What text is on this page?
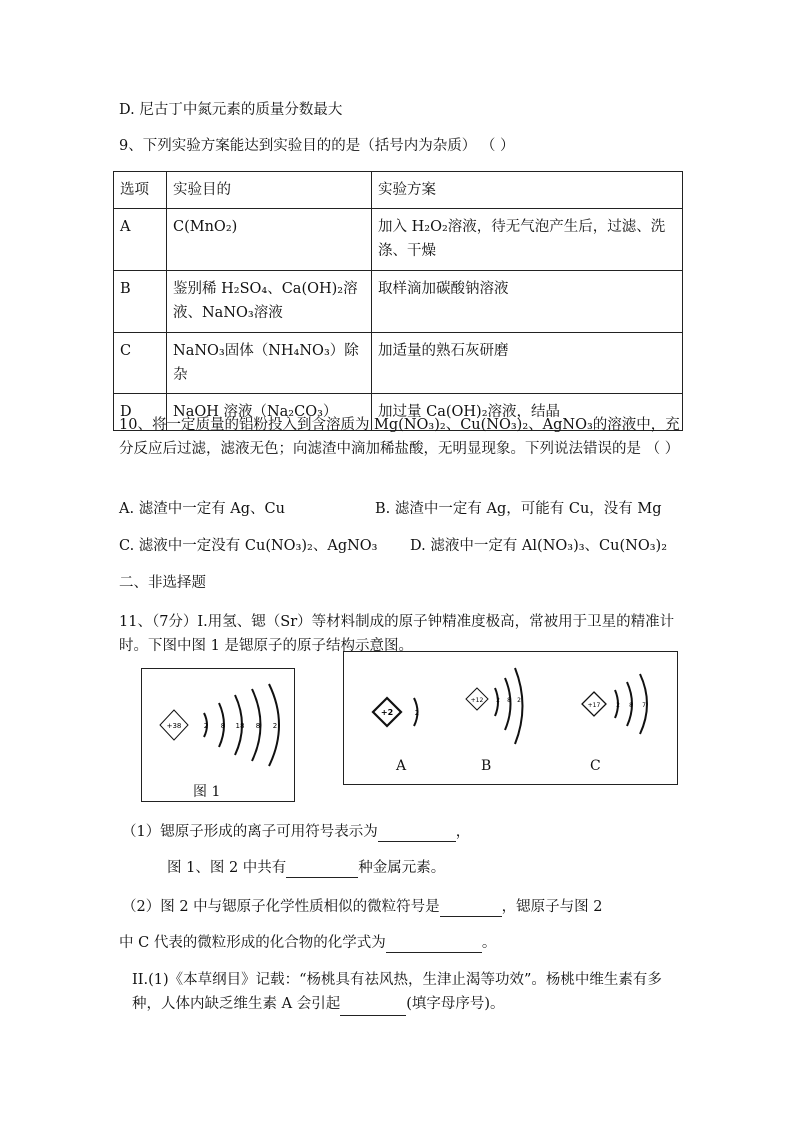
D. 尼古丁中氮元素的质量分数最大
9、下列实验方案能达到实验目的的是（括号内为杂质） （ ）
选项	实验目的	实验方案
A	C(MnO₂)	加入 H₂O₂溶液，待无气泡产生后，过滤、洗涤、干燥
B	鉴别稀 H₂SO₄、Ca(OH)₂溶液、NaNO₃溶液	取样滴加碳酸钠溶液
C	NaNO₃固体（NH₄NO₃）除杂	加适量的熟石灰研磨
D	NaOH 溶液（Na₂CO₃）	加过量 Ca(OH)₂溶液，结晶
10、将一定质量的铝粉投入到含溶质为 Mg(NO₃)₂、Cu(NO₃)₂、AgNO₃的溶液中，充分反应后过滤，滤液无色；向滤渣中滴加稀盐酸，无明显现象。下列说法错误的是 （ ）
A. 滤渣中一定有 Ag、Cu	B. 滤渣中一定有 Ag，可能有 Cu，没有 Mg
C. 滤液中一定没有 Cu(NO₃)₂、AgNO₃ D. 滤液中一定有 Al(NO₃)₃、Cu(NO₃)₂
二、非选择题
11、（7分）I.用氢、锶（Sr）等材料制成的原子钟精准度极高，常被用于卫星的精准计时。下图中图 1 是锶原子的原子结构示意图。
+38	2 8 18 8 2
图 1
+2	2
+12 2 8 2
+17	2 8 7
A	B	C
（1）锶原子形成的离子可用符号表示为	，
图 1、图 2 中共有	种金属元素。
（2）图 2 中与锶原子化学性质相似的微粒符号是	，锶原子与图 2
中 C 代表的微粒形成的化合物的化学式为	。
II.(1)《本草纲目》记载：“杨桃具有祛风热，生津止渴等功效”。杨桃中维生素有多种，人体内缺乏维生素 A 会引起	(填字母序号)。
